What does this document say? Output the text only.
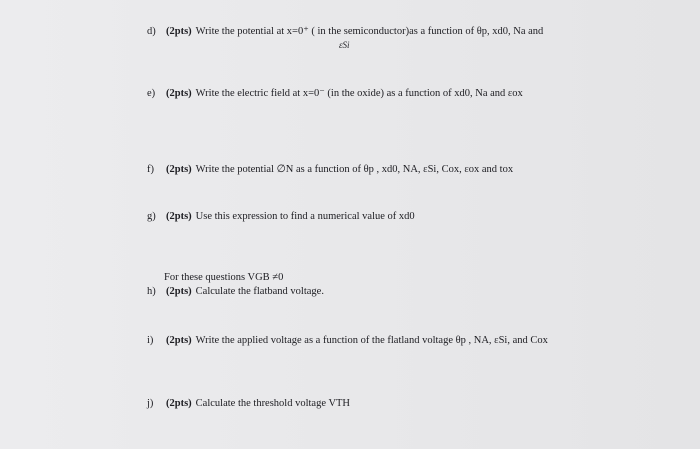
d) (2pts) Write the potential at x=0⁺ ( in the semiconductor)as a function of θp, xd0, Na and
εSi
e) (2pts) Write the electric field at x=0⁻ (in the oxide) as a function of xd0, Na and εox
f) (2pts) Write the potential ∅N as a function of θp , xd0, NA, εSi, Cox, εox and tox
g) (2pts) Use this expression to find a numerical value of xd0
For these questions VGB ≠0
h) (2pts) Calculate the flatband voltage.
i) (2pts) Write the applied voltage as a function of the flatland voltage θp , NA, εSi, and Cox
j) (2pts) Calculate the threshold voltage VTH
